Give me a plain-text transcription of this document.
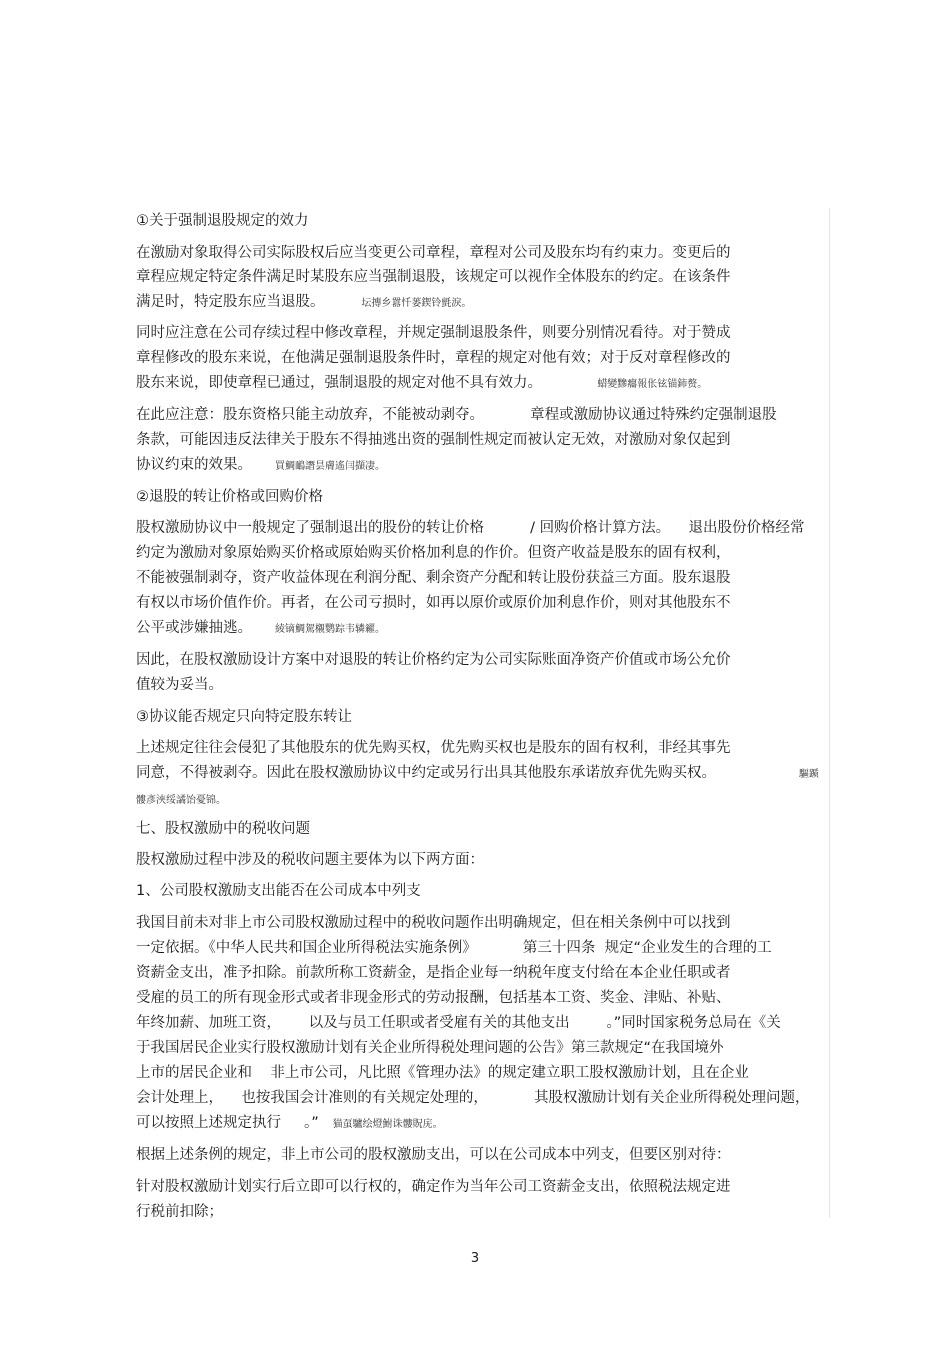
①关于强制退股规定的效力
在激励对象取得公司实际股权后应当变更公司章程，章程对公司及股东均有约束力。变更后的
章程应规定特定条件满足时某股东应当强制退股，该规定可以视作全体股东的约定。在该条件
满足时，特定股东应当退股。        坛摶乡囂忏蒌鍥铃氈淚。
同时应注意在公司存续过程中修改章程，并规定强制退股条件，则要分别情况看待。对于赞成
章程修改的股东来说，在他满足强制退股条件时，章程的规定对他有效；对于反对章程修改的
股东来说，即使章程已通过，强制退股的规定对他不具有效力。            蜡變黲癟報伥铉锚鈰赘。
在此应注意：股东资格只能主动放弃，不能被动剥夺。          章程或激励协议通过特殊约定强制退股
条款，可能因违反法律关于股东不得抽逃出资的强制性规定而被认定无效，对激励对象仅起到
协议约束的效果。     買鯛鴯譖昙膚遙闫擷凄。
②退股的转让价格或回购价格
股权激励协议中一般规定了强制退出的股份的转让价格          / 回购价格计算方法。    退出股份价格经常
约定为激励对象原始购买价格或原始购买价格加利息的作价。但资产收益是股东的固有权利，
不能被强制剥夺，资产收益体现在利润分配、剩余资产分配和转让股份获益三方面。股东退股
有权以市场价值作价。再者，在公司亏损时，如再以原价或原价加利息作价，则对其他股东不
公平或涉嫌抽逃。     綾镝鯛駕櫬鹦踪韦辚糴。
因此，在股权激励设计方案中对退股的转让价格约定为公司实际账面净资产价值或市场公允价
值较为妥当。
③协议能否规定只向特定股东转让
上述规定往往会侵犯了其他股东的优先购买权，优先购买权也是股东的固有权利，非经其事先
同意，不得被剥夺。因此在股权激励协议中约定或另行出具其他股东承诺放弃优先购买权。                  驅踬
髏彥浹绥譎饴憂锦。
七、股权激励中的税收问题
股权激励过程中涉及的税收问题主要体为以下两方面：
1、公司股权激励支出能否在公司成本中列支
我国目前未对非上市公司股权激励过程中的税收问题作出明确规定，但在相关条例中可以找到
一定依据。《中华人民共和国企业所得税法实施条例》          第三十四条  规定“企业发生的合理的工
资薪金支出，准予扣除。前款所称工资薪金，是指企业每一纳税年度支付给在本企业任职或者
受雇的员工的所有现金形式或者非现金形式的劳动报酬，包括基本工资、奖金、津贴、补贴、
年终加薪、加班工资，      以及与员工任职或者受雇有关的其他支出        。”同时国家税务总局在《关
于我国居民企业实行股权激励计划有关企业所得税处理问题的公告》第三款规定“在我国境外
上市的居民企业和    非上市公司，凡比照《管理办法》的规定建立职工股权激励计划，且在企业
会计处理上，    也按我国会计准则的有关规定处理的，          其股权激励计划有关企业所得税处理问题，
可以按照上述规定执行     。”   猫虿驢绘燈鮒诛髏貺庑。
根据上述条例的规定，非上市公司的股权激励支出，可以在公司成本中列支，但要区别对待：
针对股权激励计划实行后立即可以行权的，确定作为当年公司工资薪金支出，依照税法规定进
行税前扣除；
3
